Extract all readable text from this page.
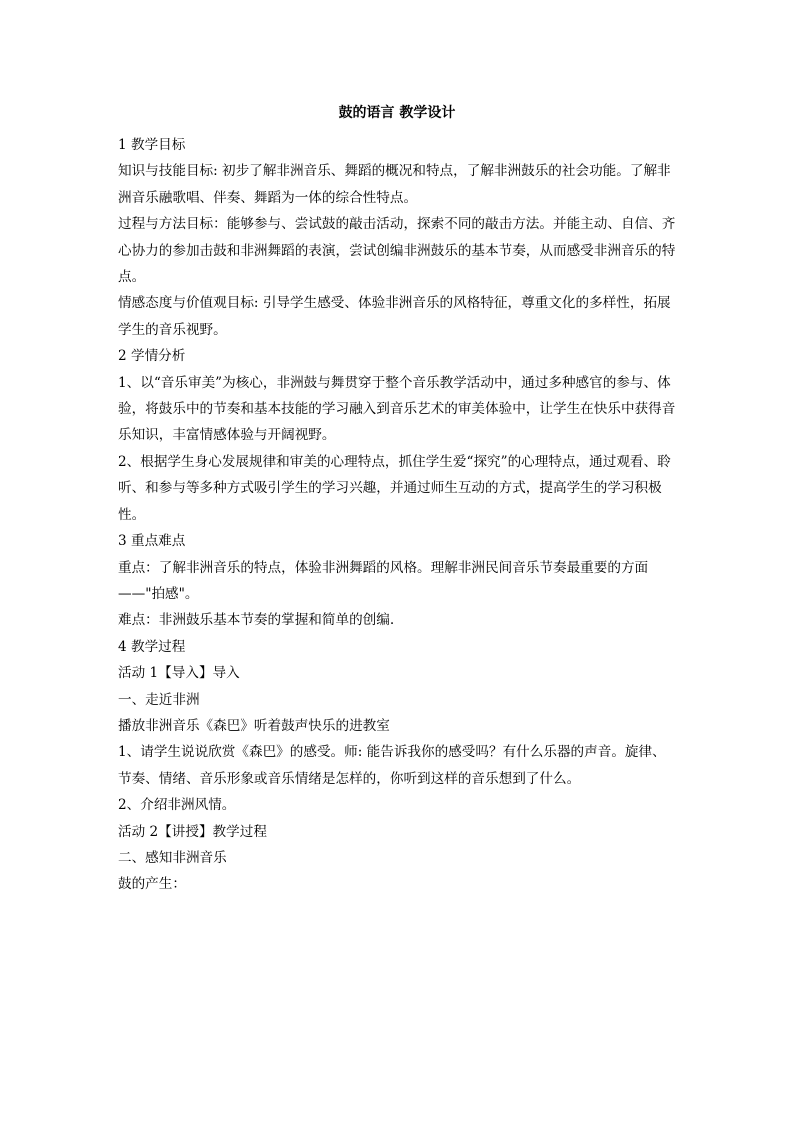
鼓的语言 教学设计

1 教学目标

知识与技能目标: 初步了解非洲音乐、舞蹈的概况和特点，了解非洲鼓乐的社会功能。了解非洲音乐融歌唱、伴奏、舞蹈为一体的综合性特点。

过程与方法目标：能够参与、尝试鼓的敲击活动，探索不同的敲击方法。并能主动、自信、齐心协力的参加击鼓和非洲舞蹈的表演，尝试创编非洲鼓乐的基本节奏，从而感受非洲音乐的特点。

情感态度与价值观目标: 引导学生感受、体验非洲音乐的风格特征，尊重文化的多样性，拓展学生的音乐视野。

2 学情分析

1、以“音乐审美”为核心，非洲鼓与舞贯穿于整个音乐教学活动中，通过多种感官的参与、体验，将鼓乐中的节奏和基本技能的学习融入到音乐艺术的审美体验中，让学生在快乐中获得音乐知识，丰富情感体验与开阔视野。

2、根据学生身心发展规律和审美的心理特点，抓住学生爱“探究”的心理特点，通过观看、聆听、和参与等多种方式吸引学生的学习兴趣，并通过师生互动的方式，提高学生的学习积极性。

3 重点难点

重点：了解非洲音乐的特点，体验非洲舞蹈的风格。理解非洲民间音乐节奏最重要的方面——"拍感"。

难点：非洲鼓乐基本节奏的掌握和简单的创编.

4 教学过程

活动 1【导入】导入

一、走近非洲

播放非洲音乐《森巴》听着鼓声快乐的进教室

1、请学生说说欣赏《森巴》的感受。师: 能告诉我你的感受吗？有什么乐器的声音。旋律、节奏、情绪、音乐形象或音乐情绪是怎样的，你听到这样的音乐想到了什么。

2、介绍非洲风情。

活动 2【讲授】教学过程

二、感知非洲音乐

鼓的产生：
